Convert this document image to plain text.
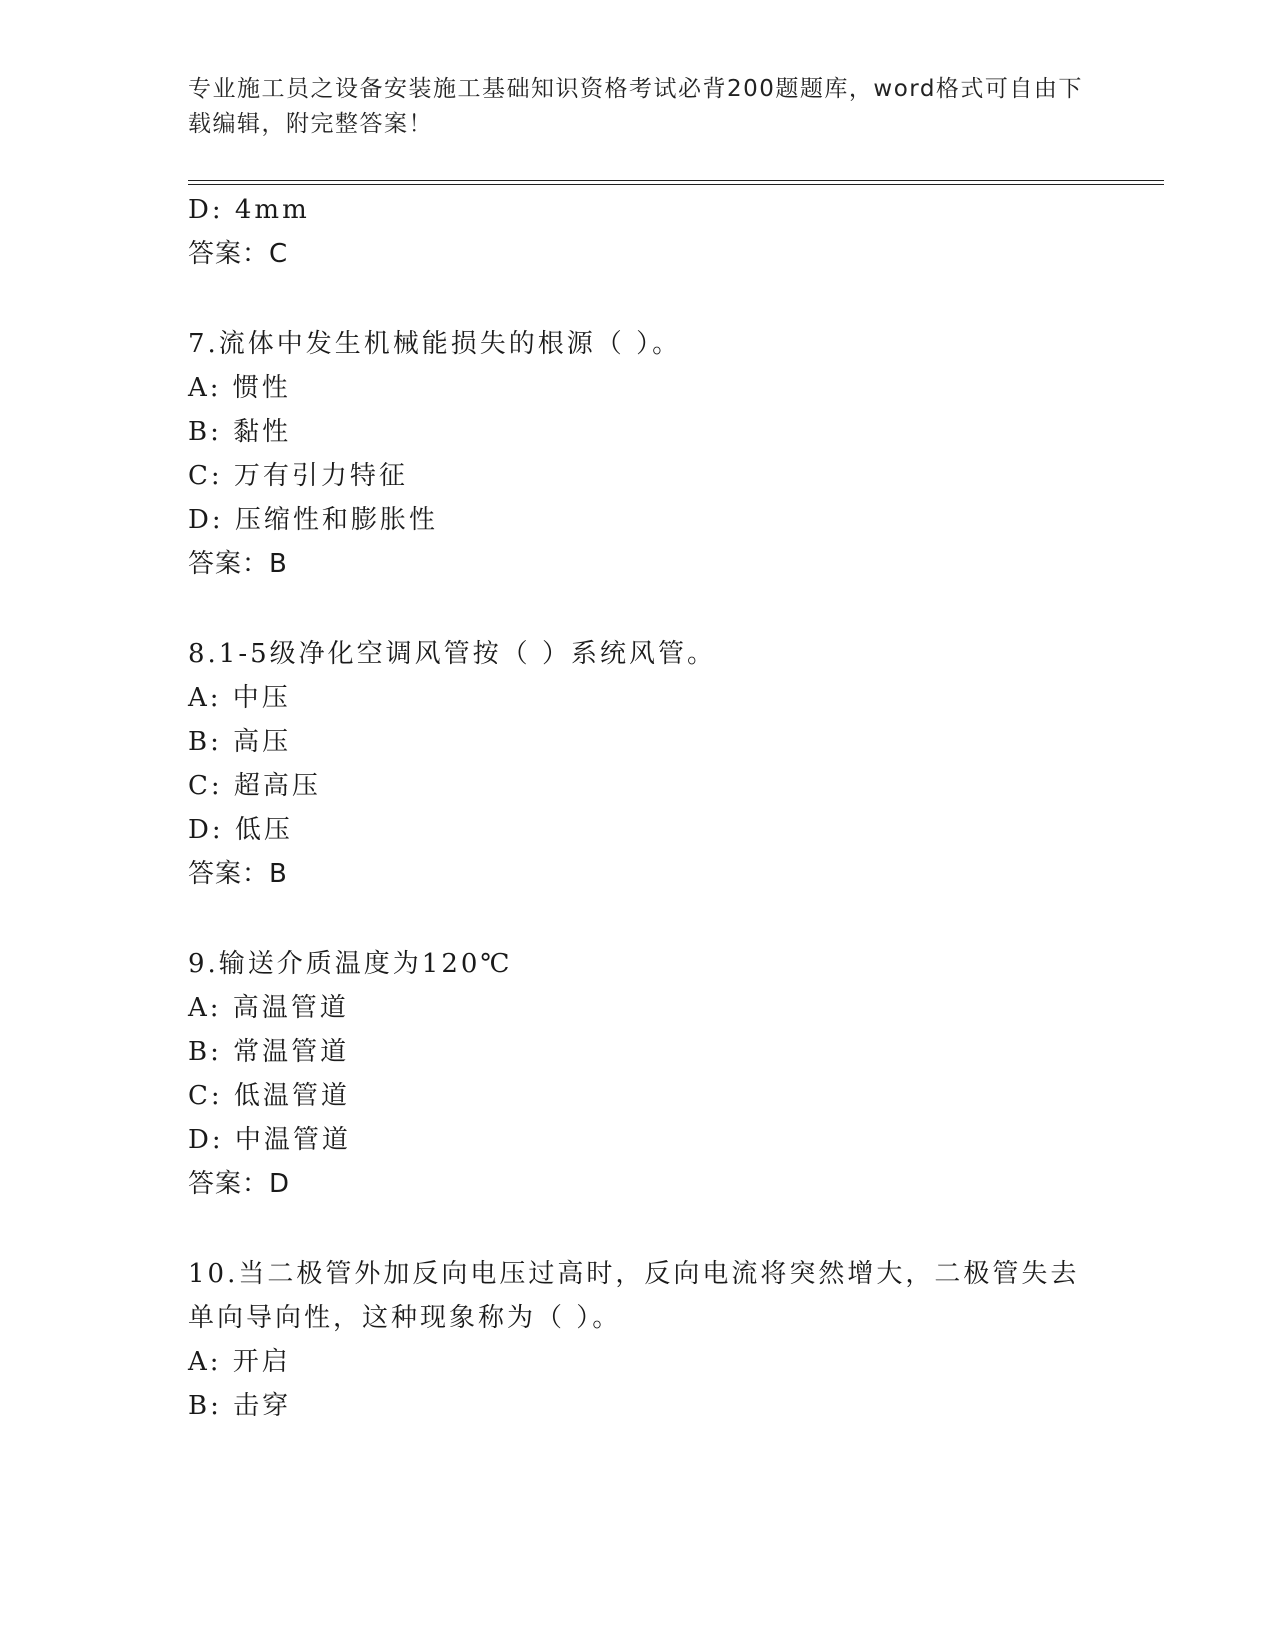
专业施工员之设备安装施工基础知识资格考试必背200题题库，word格式可自由下载编辑，附完整答案！
D: 4mm
答案：C
7.流体中发生机械能损失的根源（ ）。
A: 惯性
B: 黏性
C: 万有引力特征
D: 压缩性和膨胀性
答案：B
8.1-5级净化空调风管按（ ）系统风管。
A: 中压
B: 高压
C: 超高压
D: 低压
答案：B
9.输送介质温度为120℃
A: 高温管道
B: 常温管道
C: 低温管道
D: 中温管道
答案：D
10.当二极管外加反向电压过高时，反向电流将突然增大，二极管失去
单向导向性，这种现象称为（ ）。
A: 开启
B: 击穿
